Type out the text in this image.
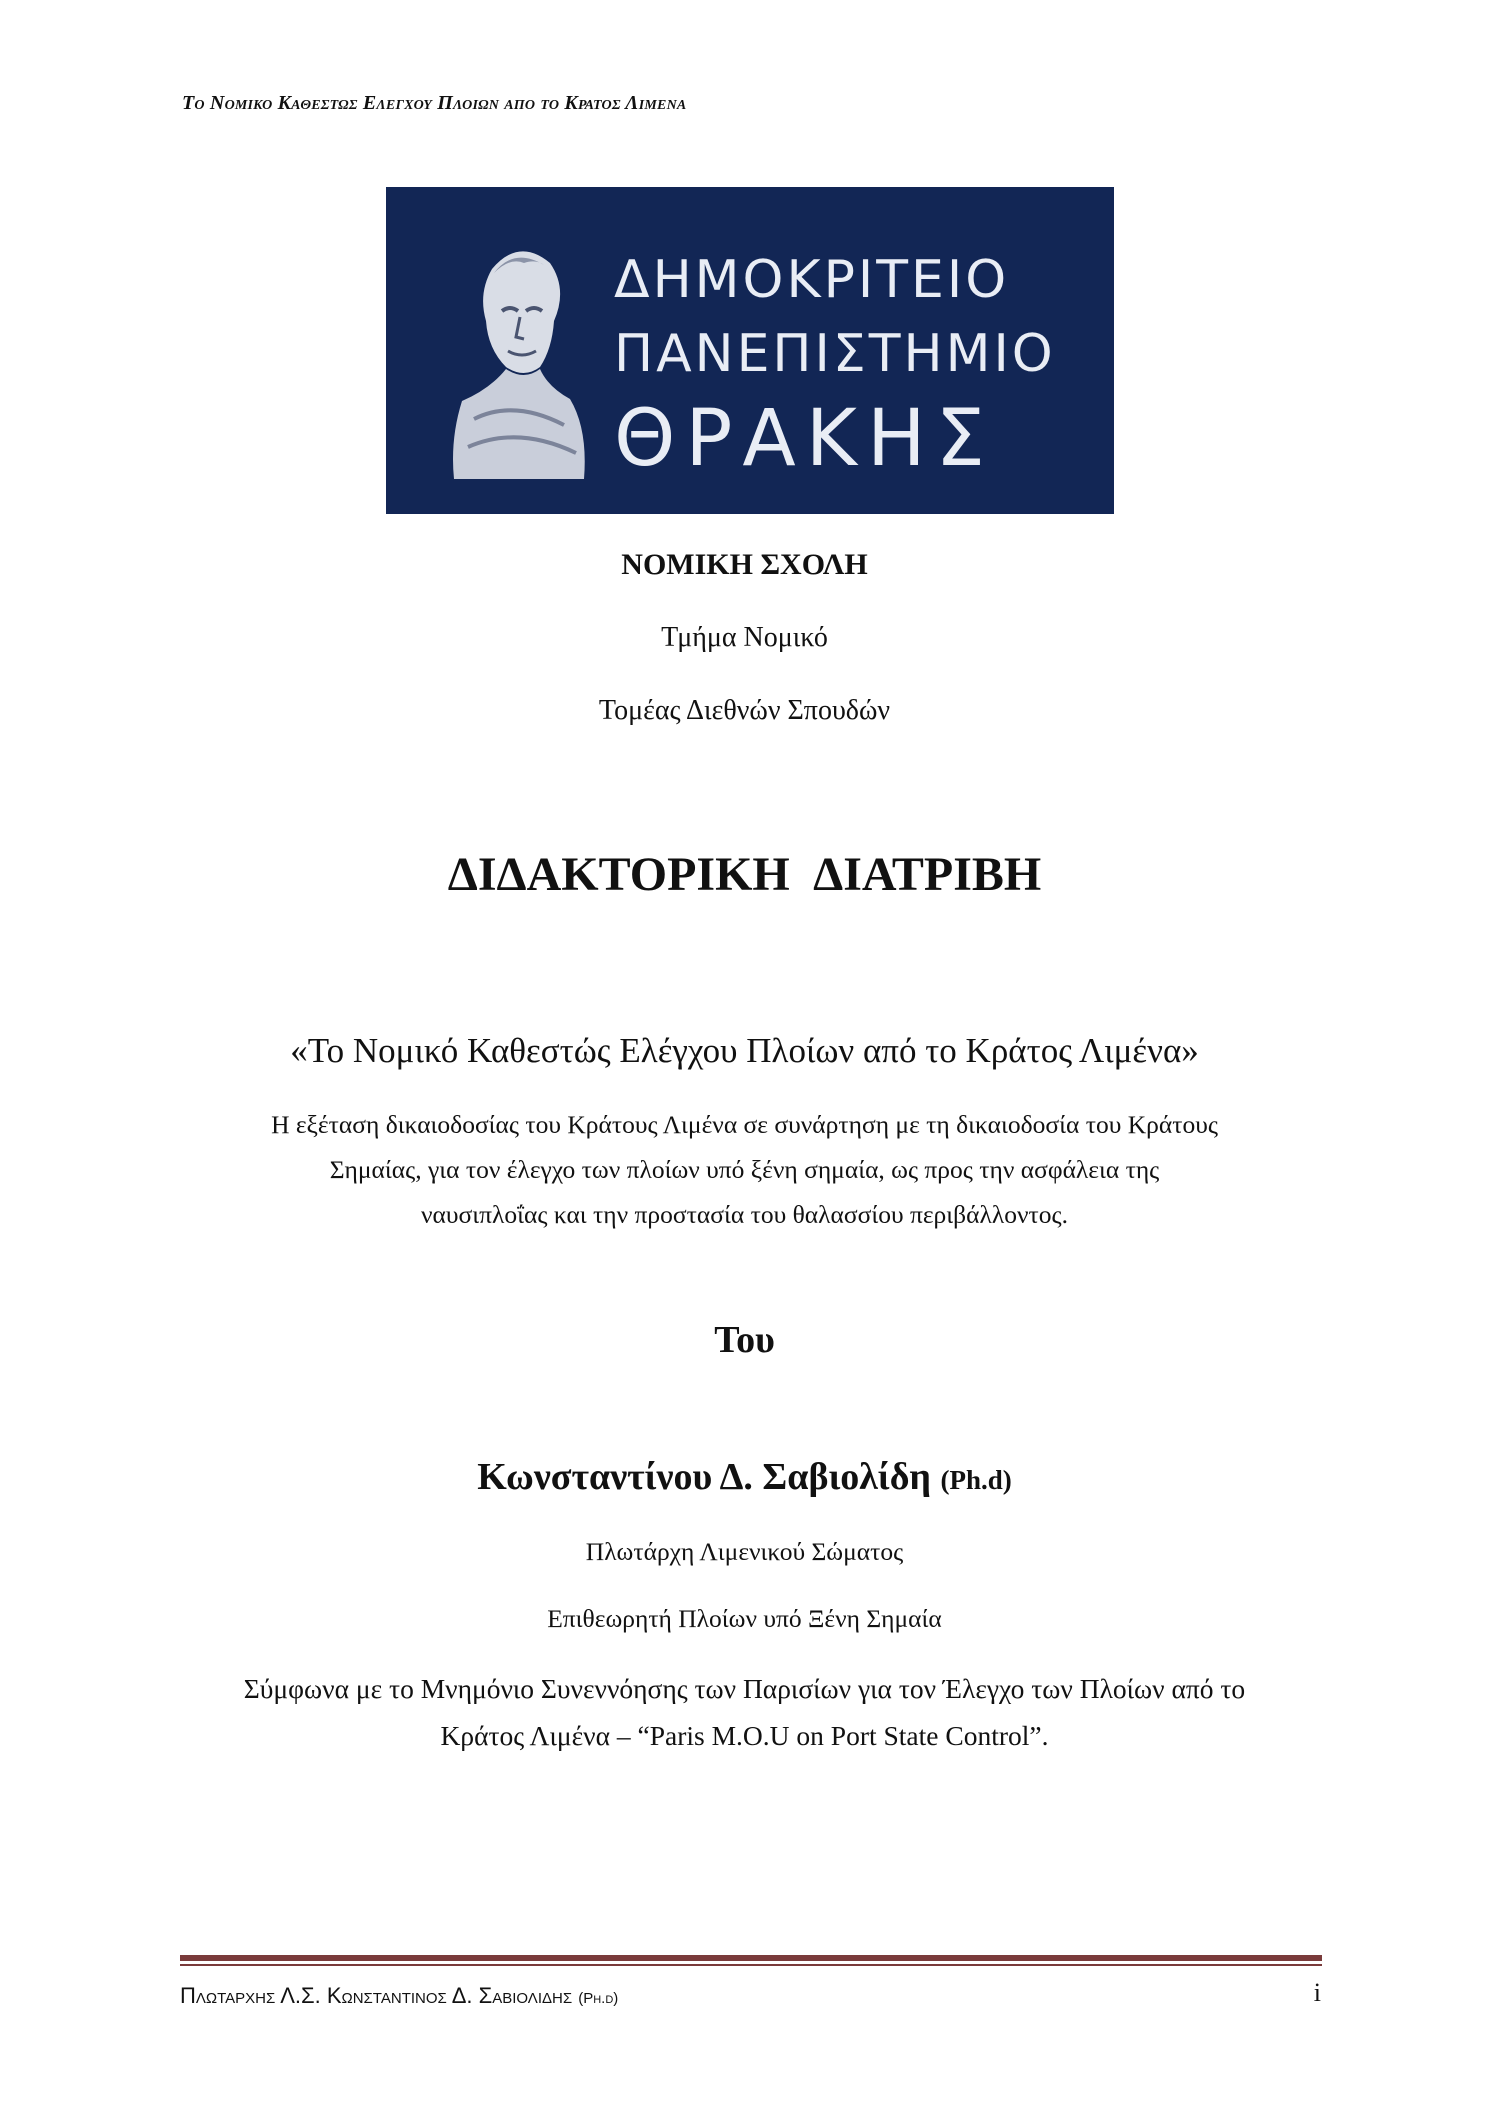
Το Νομικο Καθεστως Ελεγχου Πλοιων απο το Κρατος Λιμενα
ΔΗΜΟΚΡΙΤΕΙΟ
ΠΑΝΕΠΙΣΤΗΜΙΟ
ΘΡΑΚΗΣ
ΝΟΜΙΚΗ ΣΧΟΛΗ
Τμήμα Νομικό
Τομέας Διεθνών Σπουδών
ΔΙΔΑΚΤΟΡΙΚΗ ΔΙΑΤΡΙΒΗ
«Το Νομικό Καθεστώς Ελέγχου Πλοίων από το Κράτος Λιμένα»
Η εξέταση δικαιοδοσίας του Κράτους Λιμένα σε συνάρτηση με τη δικαιοδοσία του Κράτους
Σημαίας, για τον έλεγχο των πλοίων υπό ξένη σημαία, ως προς την ασφάλεια της
ναυσιπλοΐας και την προστασία του θαλασσίου περιβάλλοντος.
Του
Κωνσταντίνου Δ. Σαβιολίδη (Ph.d)
Πλωτάρχη Λιμενικού Σώματος
Επιθεωρητή Πλοίων υπό Ξένη Σημαία
Σύμφωνα με το Μνημόνιο Συνεννόησης των Παρισίων για τον Έλεγχο των Πλοίων από το
Κράτος Λιμένα – “Paris M.O.U on Port State Control”.
Πλωταρχης Λ.Σ. Κωνσταντινος Δ. Σαβιολιδης (Ph.d)	i
